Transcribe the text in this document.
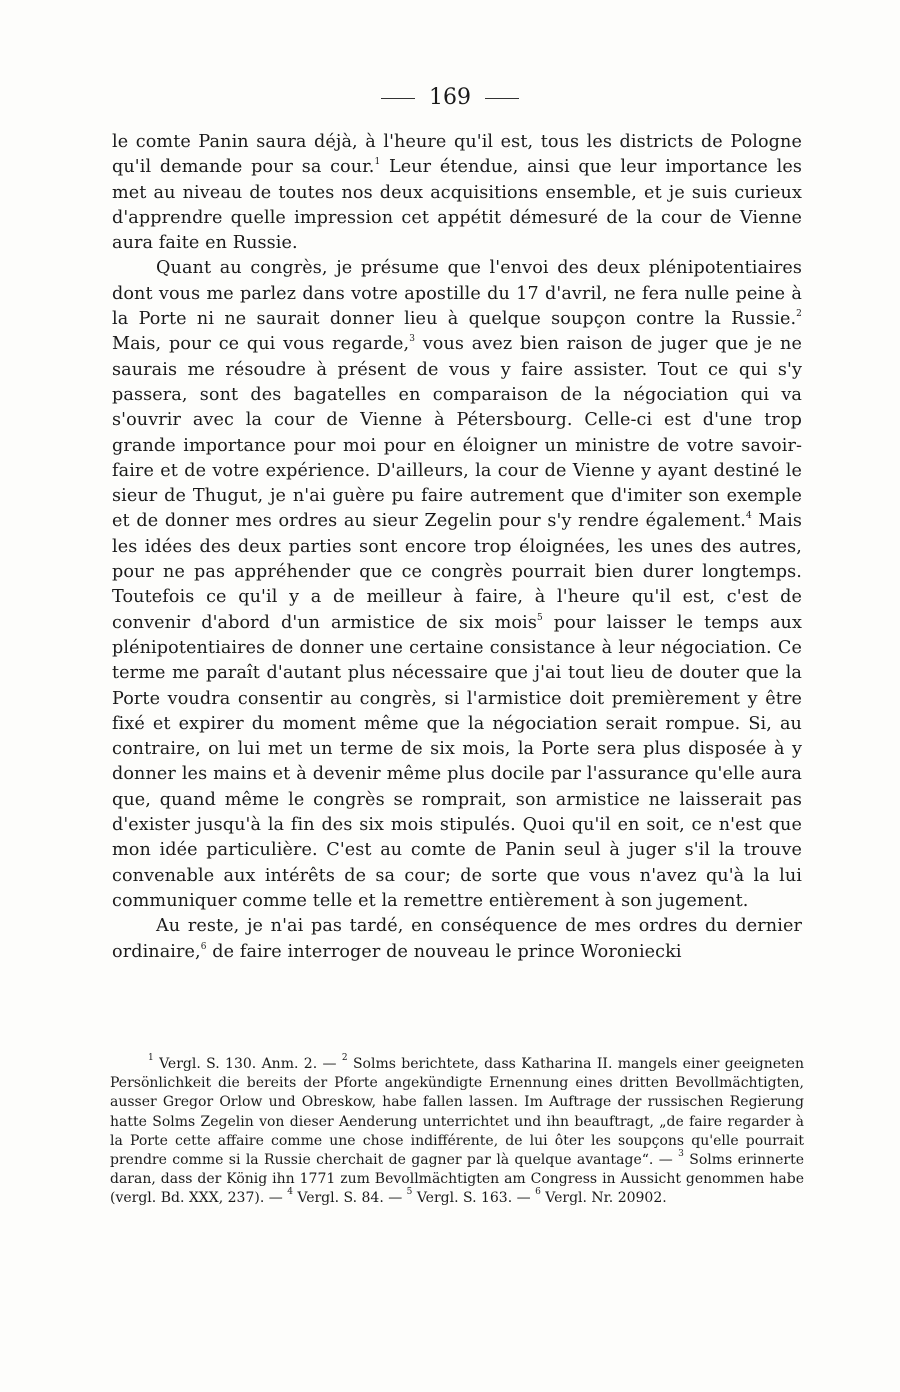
169

le comte Panin saura déjà, à l'heure qu'il est, tous les districts de Pologne qu'il demande pour sa cour.$^1$ Leur étendue, ainsi que leur importance les met au niveau de toutes nos deux acquisitions ensemble, et je suis curieux d'apprendre quelle impression cet appétit démesuré de la cour de Vienne aura faite en Russie.

Quant au congrès, je présume que l'envoi des deux plénipotentiaires dont vous me parlez dans votre apostille du 17 d'avril, ne fera nulle peine à la Porte ni ne saurait donner lieu à quelque soupçon contre la Russie.$^2$ Mais, pour ce qui vous regarde,$^3$ vous avez bien raison de juger que je ne saurais me résoudre à présent de vous y faire assister. Tout ce qui s'y passera, sont des bagatelles en comparaison de la négociation qui va s'ouvrir avec la cour de Vienne à Pétersbourg. Celle-ci est d'une trop grande importance pour moi pour en éloigner un ministre de votre savoir-faire et de votre expérience. D'ailleurs, la cour de Vienne y ayant destiné le sieur de Thugut, je n'ai guère pu faire autrement que d'imiter son exemple et de donner mes ordres au sieur Zegelin pour s'y rendre également.$^4$ Mais les idées des deux parties sont encore trop éloignées, les unes des autres, pour ne pas appréhender que ce congrès pourrait bien durer longtemps. Toutefois ce qu'il y a de meilleur à faire, à l'heure qu'il est, c'est de convenir d'abord d'un armistice de six mois$^5$ pour laisser le temps aux plénipotentiaires de donner une certaine consistance à leur négociation. Ce terme me paraît d'autant plus nécessaire que j'ai tout lieu de douter que la Porte voudra consentir au congrès, si l'armistice doit premièrement y être fixé et expirer du moment même que la négociation serait rompue. Si, au contraire, on lui met un terme de six mois, la Porte sera plus disposée à y donner les mains et à devenir même plus docile par l'assurance qu'elle aura que, quand même le congrès se romprait, son armistice ne laisserait pas d'exister jusqu'à la fin des six mois stipulés. Quoi qu'il en soit, ce n'est que mon idée particulière. C'est au comte de Panin seul à juger s'il la trouve convenable aux intérêts de sa cour; de sorte que vous n'avez qu'à la lui communiquer comme telle et la remettre entièrement à son jugement.

Au reste, je n'ai pas tardé, en conséquence de mes ordres du dernier ordinaire,$^6$ de faire interroger de nouveau le prince Woroniecki

$^1$ Vergl. S. 130. Anm. 2. — $^2$ Solms berichtete, dass Katharina II. mangels einer geeigneten Persönlichkeit die bereits der Pforte angekündigte Ernennung eines dritten Bevollmächtigten, ausser Gregor Orlow und Obreskow, habe fallen lassen. Im Auftrage der russischen Regierung hatte Solms Zegelin von dieser Aenderung unterrichtet und ihn beauftragt, „de faire regarder à la Porte cette affaire comme une chose indifférente, de lui ôter les soupçons qu'elle pourrait prendre comme si la Russie cherchait de gagner par là quelque avantage“. — $^3$ Solms erinnerte daran, dass der König ihn 1771 zum Bevollmächtigten am Congress in Aussicht genommen habe (vergl. Bd. XXX, 237). — $^4$ Vergl. S. 84. — $^5$ Vergl. S. 163. — $^6$ Vergl. Nr. 20902.
